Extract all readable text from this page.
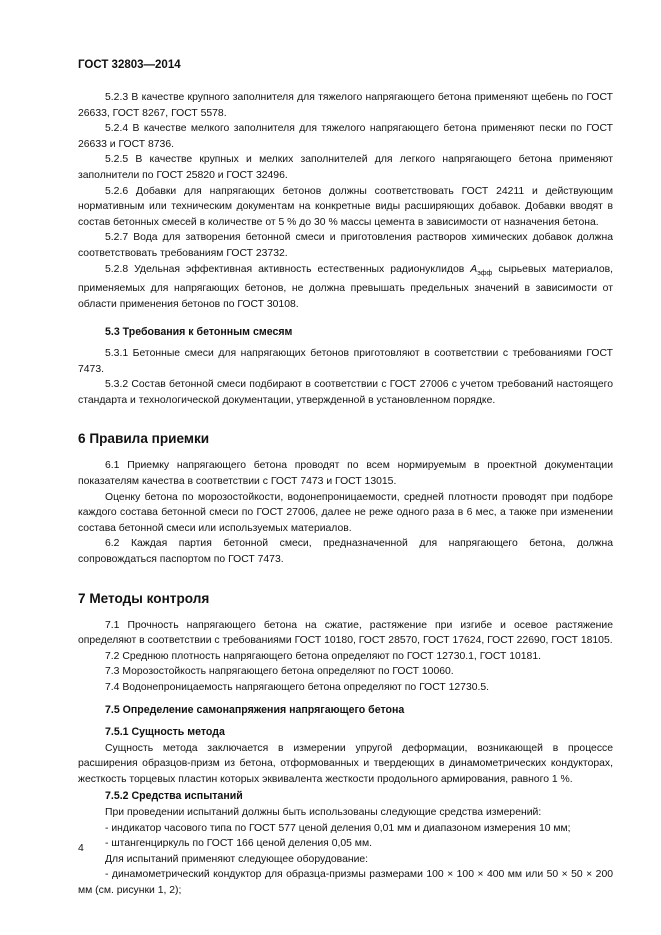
ГОСТ 32803—2014

5.2.3 В качестве крупного заполнителя для тяжелого напрягающего бетона применяют щебень по ГОСТ 26633, ГОСТ 8267, ГОСТ 5578.

5.2.4 В качестве мелкого заполнителя для тяжелого напрягающего бетона применяют пески по ГОСТ 26633 и ГОСТ 8736.

5.2.5 В качестве крупных и мелких заполнителей для легкого напрягающего бетона применяют заполнители по ГОСТ 25820 и ГОСТ 32496.

5.2.6 Добавки для напрягающих бетонов должны соответствовать ГОСТ 24211 и действующим нормативным или техническим документам на конкретные виды расширяющих добавок. Добавки вводят в состав бетонных смесей в количестве от 5 % до 30 % массы цемента в зависимости от назначения бетона.

5.2.7 Вода для затворения бетонной смеси и приготовления растворов химических добавок должна соответствовать требованиям ГОСТ 23732.

5.2.8 Удельная эффективная активность естественных радионуклидов $A_{эфф}$ сырьевых материалов, применяемых для напрягающих бетонов, не должна превышать предельных значений в зависимости от области применения бетонов по ГОСТ 30108.

5.3 Требования к бетонным смесям

5.3.1 Бетонные смеси для напрягающих бетонов приготовляют в соответствии с требованиями ГОСТ 7473.

5.3.2 Состав бетонной смеси подбирают в соответствии с ГОСТ 27006 с учетом требований настоящего стандарта и технологической документации, утвержденной в установленном порядке.

6 Правила приемки

6.1 Приемку напрягающего бетона проводят по всем нормируемым в проектной документации показателям качества в соответствии с ГОСТ 7473 и ГОСТ 13015.

Оценку бетона по морозостойкости, водонепроницаемости, средней плотности проводят при подборе каждого состава бетонной смеси по ГОСТ 27006, далее не реже одного раза в 6 мес, а также при изменении состава бетонной смеси или используемых материалов.

6.2 Каждая партия бетонной смеси, предназначенной для напрягающего бетона, должна сопровождаться паспортом по ГОСТ 7473.

7 Методы контроля

7.1 Прочность напрягающего бетона на сжатие, растяжение при изгибе и осевое растяжение определяют в соответствии с требованиями ГОСТ 10180, ГОСТ 28570, ГОСТ 17624, ГОСТ 22690, ГОСТ 18105.

7.2 Среднюю плотность напрягающего бетона определяют по ГОСТ 12730.1, ГОСТ 10181.

7.3 Морозостойкость напрягающего бетона определяют по ГОСТ 10060.

7.4 Водонепроницаемость напрягающего бетона определяют по ГОСТ 12730.5.

7.5 Определение самонапряжения напрягающего бетона

7.5.1 Сущность метода

Сущность метода заключается в измерении упругой деформации, возникающей в процессе расширения образцов-призм из бетона, отформованных и твердеющих в динамометрических кондукторах, жесткость торцевых пластин которых эквивалента жесткости продольного армирования, равного 1 %.

7.5.2 Средства испытаний

При проведении испытаний должны быть использованы следующие средства измерений:

- индикатор часового типа по ГОСТ 577 ценой деления 0,01 мм и диапазоном измерения 10 мм;

- штангенциркуль по ГОСТ 166 ценой деления 0,05 мм.

Для испытаний применяют следующее оборудование:

- динамометрический кондуктор для образца-призмы размерами 100 × 100 × 400 мм или 50 × 50 × 200 мм (см. рисунки 1, 2);

4
